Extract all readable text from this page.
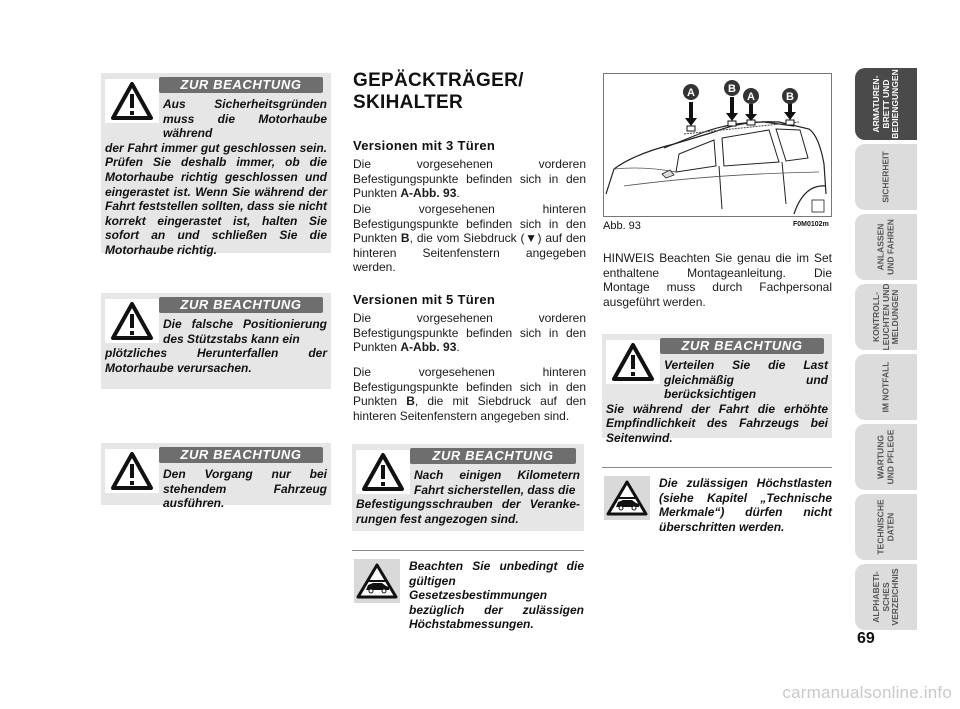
ZUR BEACHTUNG
Aus Sicherheitsgründen muss die Motorhaube während
der Fahrt immer gut geschlossen sein. Prüfen Sie deshalb immer, ob die Motorhaube richtig geschlossen und eingerastet ist. Wenn Sie während der Fahrt feststellen sollten, dass sie nicht korrekt eingerastet ist, halten Sie sofort an und schließen Sie die Motorhaube richtig.
ZUR BEACHTUNG
Die falsche Positionierung des Stützstabs kann ein
plötzliches Herunterfallen der Motorhaube verursachen.
ZUR BEACHTUNG
Den Vorgang nur bei stehendem Fahrzeug ausführen.
GEPÄCKTRÄGER/
SKIHALTER
Versionen mit 3 Türen
Die vorgesehenen vorderen Befestigungspunkte befinden sich in den Punkten A-Abb. 93.
Die vorgesehenen hinteren Befestigungspunkte befinden sich in den Punkten B, die vom Siebdruck (▼) auf den hinteren Seitenfenstern angegeben werden.
Versionen mit 5 Türen
Die vorgesehenen vorderen Befestigungspunkte befinden sich in den Punkten A-Abb. 93.
Die vorgesehenen hinteren Befestigungspunkte befinden sich in den Punkten B, die mit Siebdruck auf den hinteren Seitenfenstern angegeben sind.
ZUR BEACHTUNG
Nach einigen Kilometern Fahrt sicherstellen, dass die
Befestigungsschrauben der Veranke-rungen fest angezogen sind.
Beachten Sie unbedingt die gültigen Gesetzesbestimmungen bezüglich der zulässigen Höchstabmessungen.
A	B
A	B
Abb. 93	F0M0102m
HINWEIS Beachten Sie genau die im Set enthaltene Montageanleitung. Die Montage muss durch Fachpersonal ausgeführt werden.
ZUR BEACHTUNG
Verteilen Sie die Last gleichmäßig und berücksichtigen
Sie während der Fahrt die erhöhte Empfindlichkeit des Fahrzeugs bei Seitenwind.
Die zulässigen Höchstlasten (siehe Kapitel „Technische Merkmale“) dürfen nicht überschritten werden.
ARMATUREN-
BRETT UND
BEDIENGUNGEN
SICHERHEIT
ANLASSEN
UND FAHREN
KONTROLL-
LEUCHTEN UND
MELDUNGEN
IM NOTFALL
WARTUNG
UND PFLEGE
TECHNISCHE
DATEN
ALPHABETI-
SCHES
VERZEICHNIS
69
carmanualsonline.info
